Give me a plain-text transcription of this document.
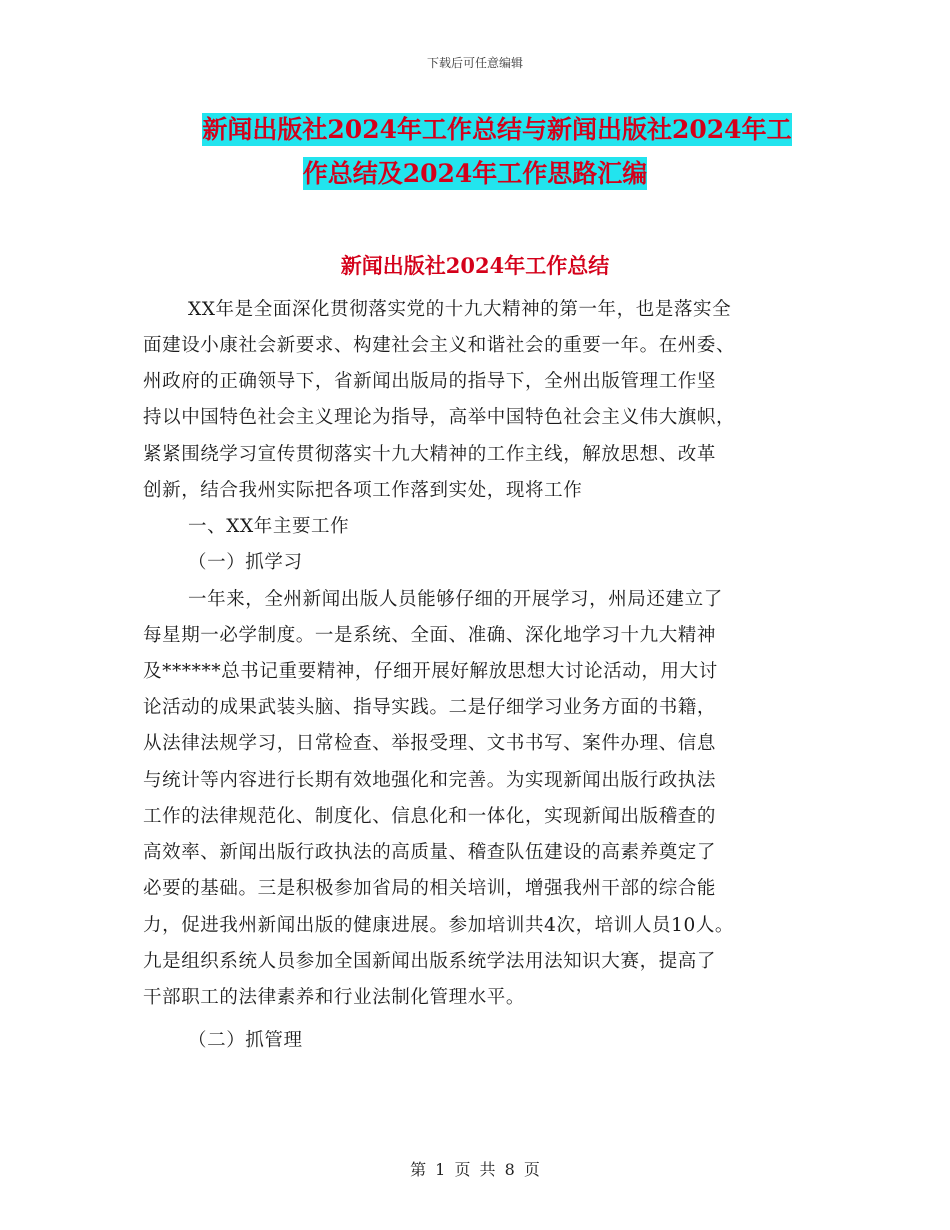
下载后可任意编辑
新闻出版社2024年工作总结与新闻出版社2024年工
作总结及2024年工作思路汇编
新闻出版社2024年工作总结
XX年是全面深化贯彻落实党的十九大精神的第一年，也是落实全
面建设小康社会新要求、构建社会主义和谐社会的重要一年。在州委、
州政府的正确领导下，省新闻出版局的指导下，全州出版管理工作坚
持以中国特色社会主义理论为指导，高举中国特色社会主义伟大旗帜，
紧紧围绕学习宣传贯彻落实十九大精神的工作主线，解放思想、改革
创新，结合我州实际把各项工作落到实处，现将工作
一、XX年主要工作
（一）抓学习
一年来，全州新闻出版人员能够仔细的开展学习，州局还建立了
每星期一必学制度。一是系统、全面、准确、深化地学习十九大精神
及******总书记重要精神，仔细开展好解放思想大讨论活动，用大讨
论活动的成果武装头脑、指导实践。二是仔细学习业务方面的书籍，
从法律法规学习，日常检查、举报受理、文书书写、案件办理、信息
与统计等内容进行长期有效地强化和完善。为实现新闻出版行政执法
工作的法律规范化、制度化、信息化和一体化，实现新闻出版稽查的
高效率、新闻出版行政执法的高质量、稽查队伍建设的高素养奠定了
必要的基础。三是积极参加省局的相关培训，增强我州干部的综合能
力，促进我州新闻出版的健康进展。参加培训共4次，培训人员10人。
九是组织系统人员参加全国新闻出版系统学法用法知识大赛，提高了
干部职工的法律素养和行业法制化管理水平。
（二）抓管理
第 1 页 共 8 页
